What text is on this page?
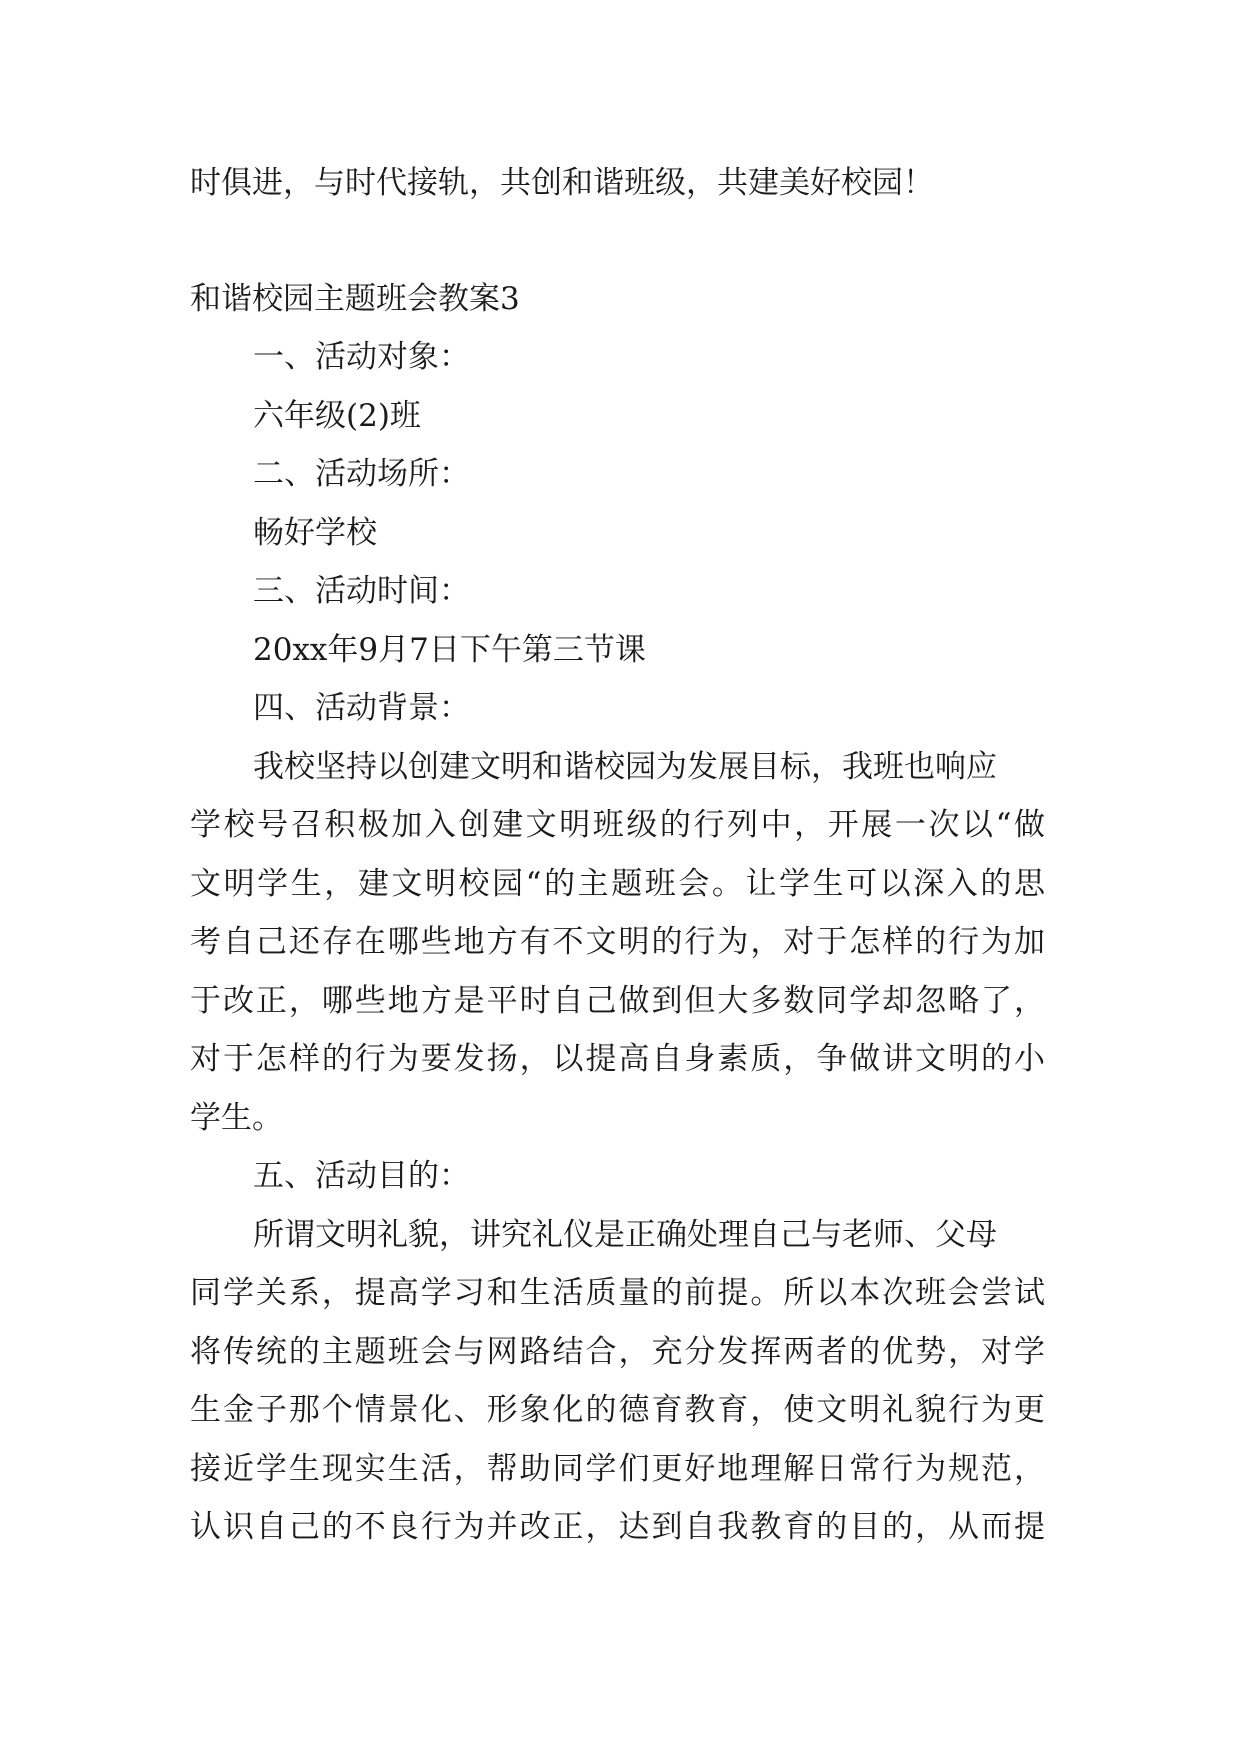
时俱进，与时代接轨，共创和谐班级，共建美好校园！

和谐校园主题班会教案3

一、活动对象：

六年级(2)班

二、活动场所：

畅好学校

三、活动时间：

20xx年9月7日下午第三节课

四、活动背景：

我校坚持以创建文明和谐校园为发展目标，我班也响应

学校号召积极加入创建文明班级的行列中，开展一次以“做

文明学生，建文明校园“的主题班会。让学生可以深入的思

考自己还存在哪些地方有不文明的行为，对于怎样的行为加

于改正，哪些地方是平时自己做到但大多数同学却忽略了，

对于怎样的行为要发扬，以提高自身素质，争做讲文明的小

学生。

五、活动目的：

所谓文明礼貌，讲究礼仪是正确处理自己与老师、父母

同学关系，提高学习和生活质量的前提。所以本次班会尝试

将传统的主题班会与网路结合，充分发挥两者的优势，对学

生金子那个情景化、形象化的德育教育，使文明礼貌行为更

接近学生现实生活，帮助同学们更好地理解日常行为规范，

认识自己的不良行为并改正，达到自我教育的目的，从而提
